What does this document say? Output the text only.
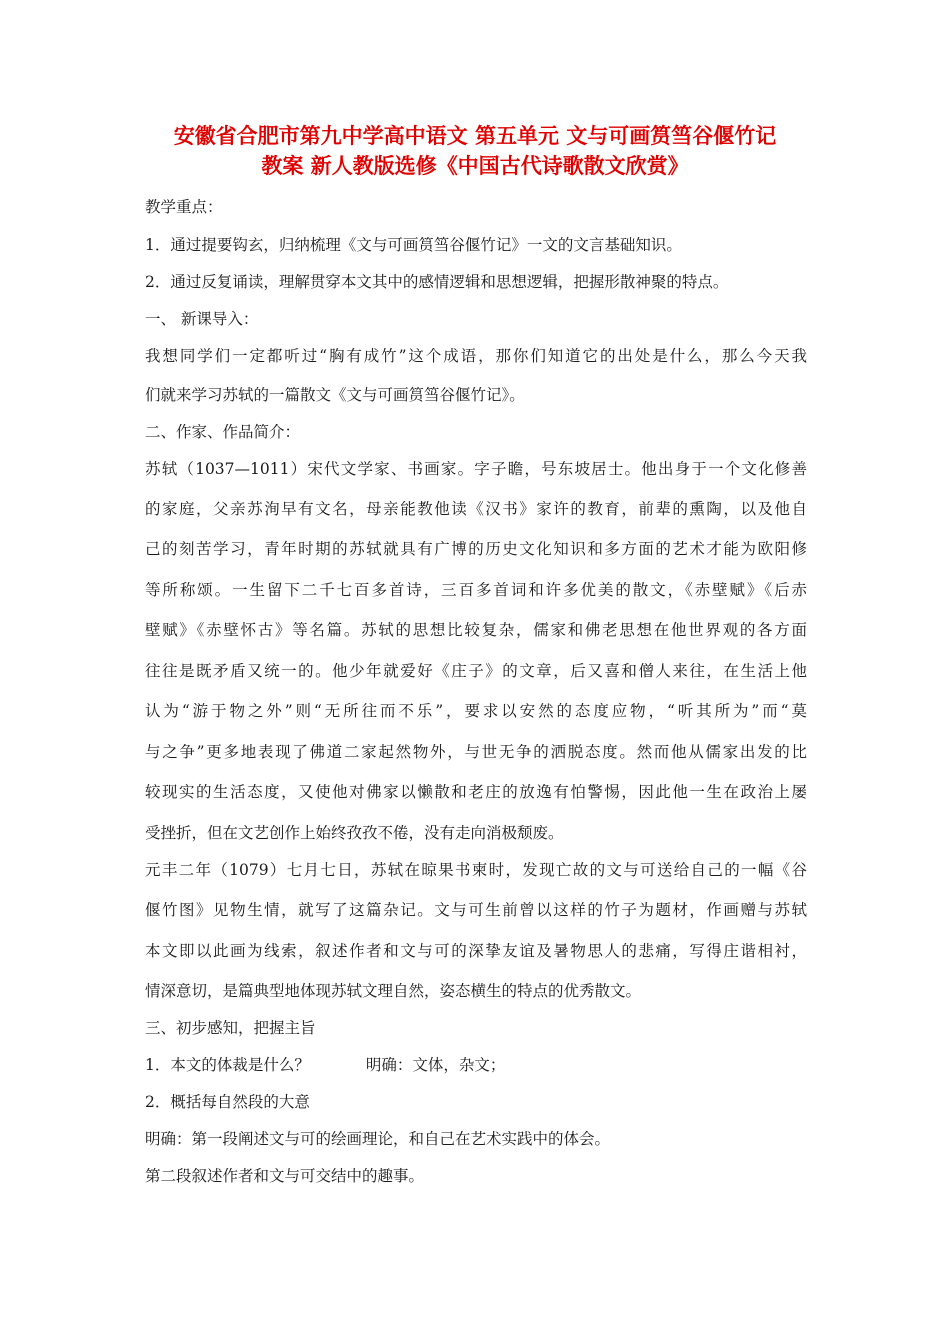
安徽省合肥市第九中学高中语文 第五单元 文与可画筼筜谷偃竹记
教案 新人教版选修《中国古代诗歌散文欣赏》
教学重点：
1．通过提要钩玄，归纳梳理《文与可画筼筜谷偃竹记》一文的文言基础知识。
2．通过反复诵读，理解贯穿本文其中的感情逻辑和思想逻辑，把握形散神聚的特点。
一、 新课导入：
我想同学们一定都听过“胸有成竹”这个成语，那你们知道它的出处是什么，那么今天我
们就来学习苏轼的一篇散文《文与可画筼筜谷偃竹记》。
二、作家、作品简介：
苏轼（1037—1011）宋代文学家、书画家。字子瞻，号东坡居士。他出身于一个文化修善
的家庭，父亲苏洵早有文名，母亲能教他读《汉书》家许的教育，前辈的熏陶，以及他自
己的刻苦学习，青年时期的苏轼就具有广博的历史文化知识和多方面的艺术才能为欧阳修
等所称颂。一生留下二千七百多首诗，三百多首词和许多优美的散文，《赤壁赋》《后赤
壁赋》《赤壁怀古》等名篇。苏轼的思想比较复杂，儒家和佛老思想在他世界观的各方面
往往是既矛盾又统一的。他少年就爱好《庄子》的文章，后又喜和僧人来往，在生活上他
认为“游于物之外”则“无所往而不乐”，要求以安然的态度应物，“听其所为”而“莫
与之争”更多地表现了佛道二家起然物外，与世无争的洒脱态度。然而他从儒家出发的比
较现实的生活态度，又使他对佛家以懒散和老庄的放逸有怕警惕，因此他一生在政治上屡
受挫折，但在文艺创作上始终孜孜不倦，没有走向消极颓废。
元丰二年（1079）七月七日，苏轼在晾果书柬时，发现亡故的文与可送给自己的一幅《谷
偃竹图》见物生情，就写了这篇杂记。文与可生前曾以这样的竹子为题材，作画赠与苏轼
本文即以此画为线索，叙述作者和文与可的深挚友谊及暑物思人的悲痛，写得庄谐相衬，
情深意切，是篇典型地体现苏轼文理自然，姿态横生的特点的优秀散文。
三、初步感知，把握主旨
1．本文的体裁是什么？	明确：文体，杂文；
2．概括每自然段的大意
明确：第一段阐述文与可的绘画理论，和自己在艺术实践中的体会。
第二段叙述作者和文与可交结中的趣事。
